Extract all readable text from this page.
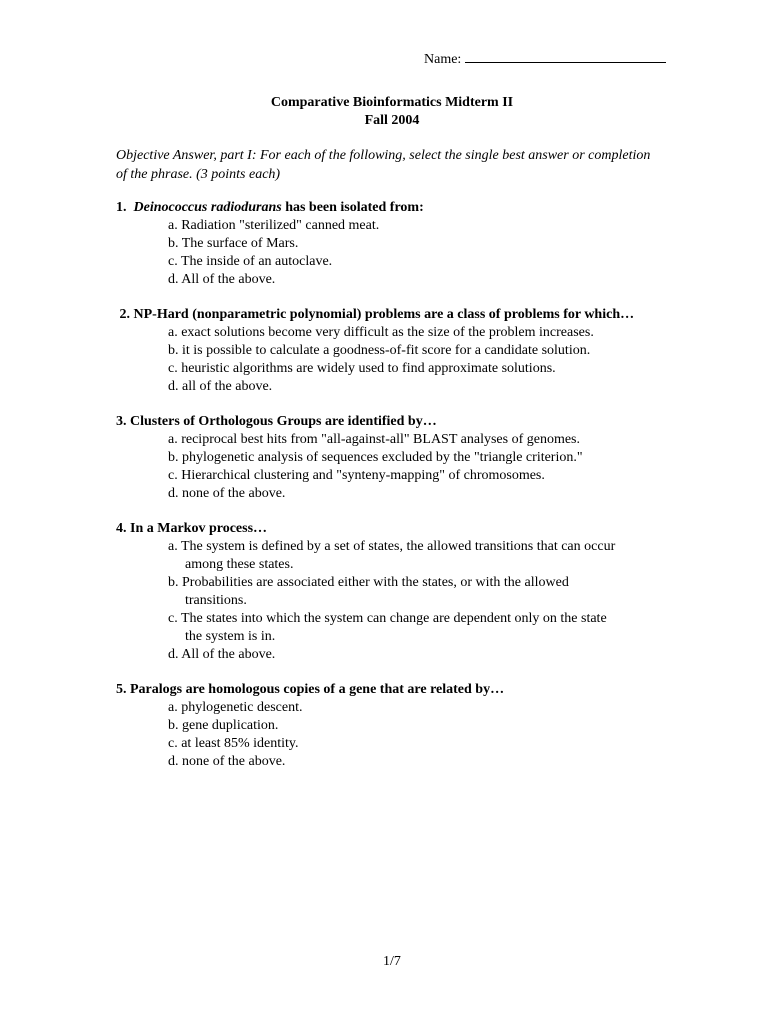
Name:
Comparative Bioinformatics Midterm II
Fall 2004
Objective Answer, part I: For each of the following, select the single best answer or completion of the phrase. (3 points each)
1. Deinococcus radiodurans has been isolated from:
a. Radiation "sterilized" canned meat.
b. The surface of Mars.
c. The inside of an autoclave.
d. All of the above.
2. NP-Hard (nonparametric polynomial) problems are a class of problems for which…
a. exact solutions become very difficult as the size of the problem increases.
b. it is possible to calculate a goodness-of-fit score for a candidate solution.
c. heuristic algorithms are widely used to find approximate solutions.
d. all of the above.
3. Clusters of Orthologous Groups are identified by…
a. reciprocal best hits from "all-against-all" BLAST analyses of genomes.
b. phylogenetic analysis of sequences excluded by the "triangle criterion."
c. Hierarchical clustering and "synteny-mapping" of chromosomes.
d. none of the above.
4. In a Markov process…
a. The system is defined by a set of states, the allowed transitions that can occur
among these states.
b. Probabilities are associated either with the states, or with the allowed
transitions.
c. The states into which the system can change are dependent only on the state
the system is in.
d. All of the above.
5. Paralogs are homologous copies of a gene that are related by…
a. phylogenetic descent.
b. gene duplication.
c. at least 85% identity.
d. none of the above.
1/7
